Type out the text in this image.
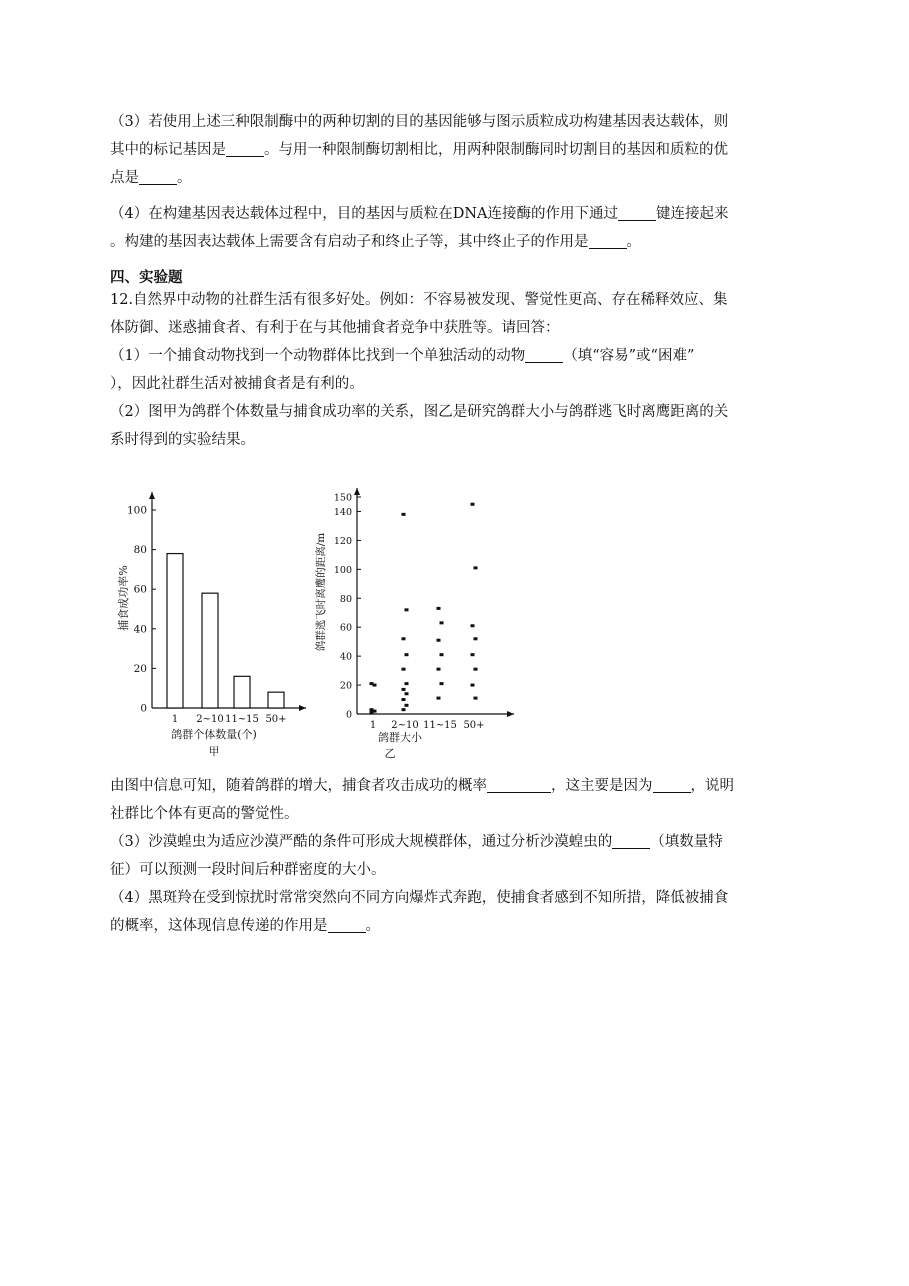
（3）若使用上述三种限制酶中的两种切割的目的基因能够与图示质粒成功构建基因表达载体，则
其中的标记基因是	。与用一种限制酶切割相比，用两种限制酶同时切割目的基因和质粒的优
点是	。
（4）在构建基因表达载体过程中，目的基因与质粒在DNA连接酶的作用下通过	键连接起来
。构建的基因表达载体上需要含有启动子和终止子等，其中终止子的作用是	。
四、实验题
12.自然界中动物的社群生活有很多好处。例如：不容易被发现、警觉性更高、存在稀释效应、集
体防御、迷惑捕食者、有利于在与其他捕食者竞争中获胜等。请回答：
（1）一个捕食动物找到一个动物群体比找到一个单独活动的动物	（填“容易”或“困难”
），因此社群生活对被捕食者是有利的。
（2）图甲为鸽群个体数量与捕食成功率的关系，图乙是研究鸽群大小与鸽群逃飞时离鹰距离的关
系时得到的实验结果。
0
20
40
60
80
100
1 2~10 11~15 50+
鸽群个体数量(个)
甲
捕食成功率%
0
20
40
60
80
100
120
140
150
1 2~10 11~15 50+
鸽群大小
乙
鸽群逃飞时离鹰的距离/m
由图中信息可知，随着鸽群的增大，捕食者攻击成功的概率	，这主要是因为	，说明
社群比个体有更高的警觉性。
（3）沙漠蝗虫为适应沙漠严酷的条件可形成大规模群体，通过分析沙漠蝗虫的	（填数量特
征）可以预测一段时间后种群密度的大小。
（4）黑斑羚在受到惊扰时常常突然向不同方向爆炸式奔跑，使捕食者感到不知所措，降低被捕食
的概率，这体现信息传递的作用是	。
